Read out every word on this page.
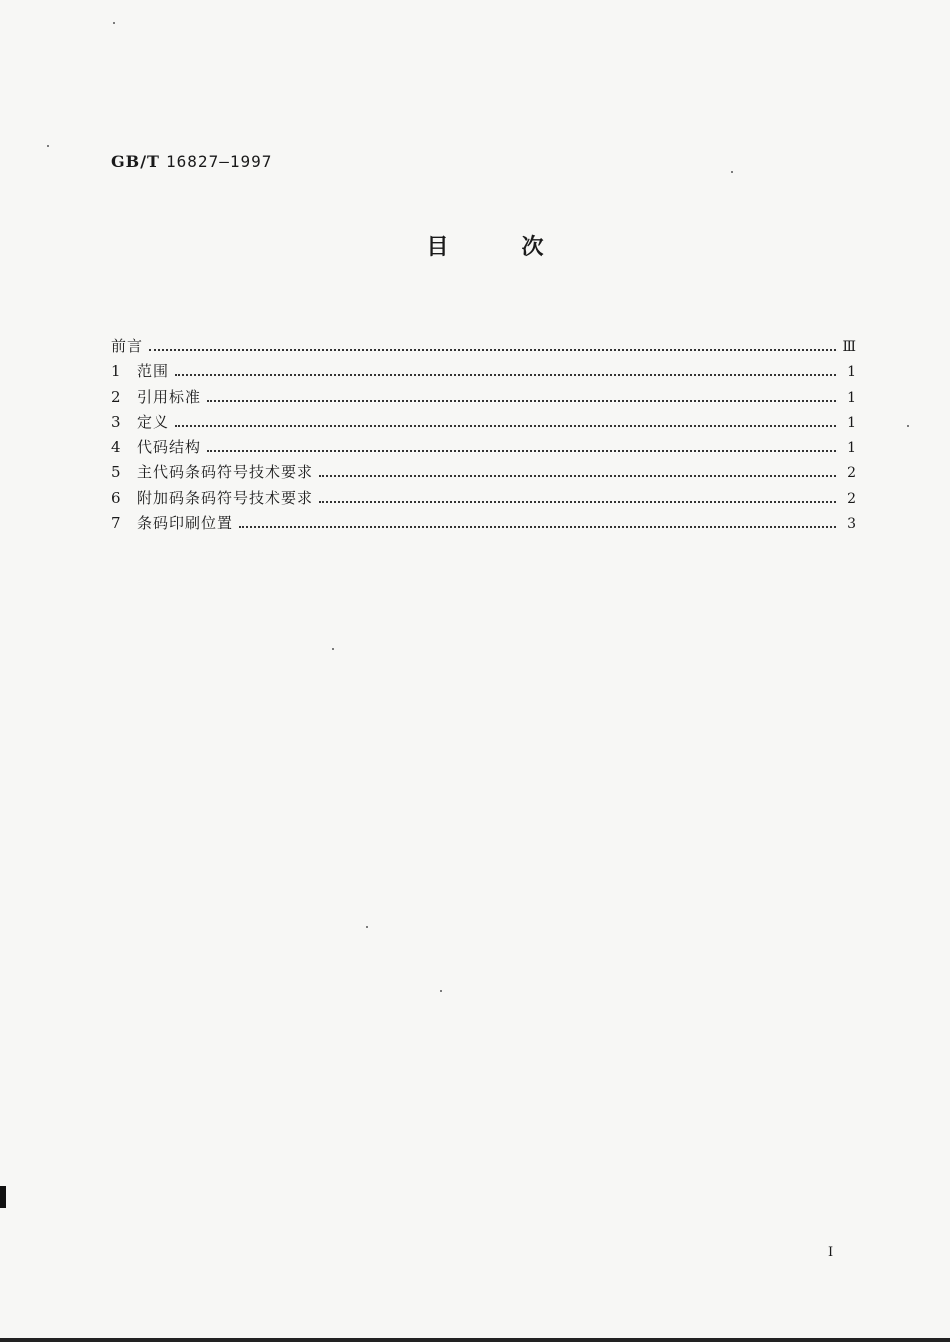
GB/T 16827—1997
目	次
前言	Ⅲ
1	范围	1
2	引用标准	1
3	定义	1
4	代码结构	1
5	主代码条码符号技术要求	2
6	附加码条码符号技术要求	2
7	条码印刷位置	3
I
